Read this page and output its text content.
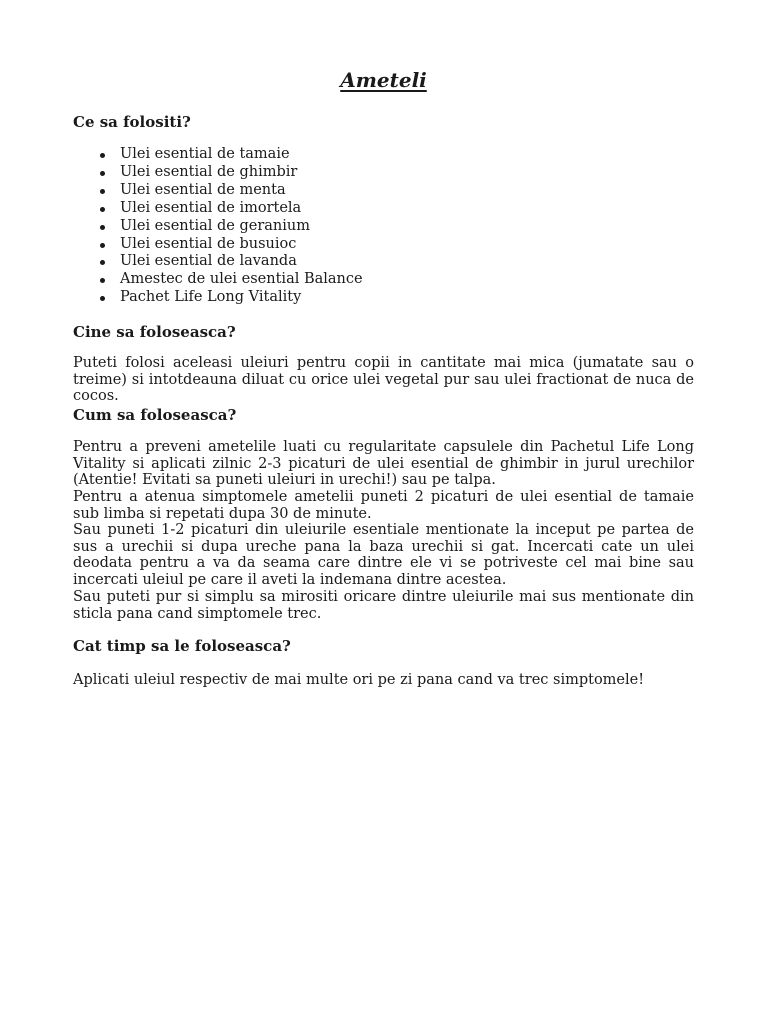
Ameteli
Ce sa folositi?
Ulei esential de tamaie
Ulei esential de ghimbir
Ulei esential de menta
Ulei esential de imortela
Ulei esential de geranium
Ulei esential de busuioc
Ulei esential de lavanda
Amestec de ulei esential Balance
Pachet Life Long Vitality
Cine sa foloseasca?

Puteti folosi aceleasi uleiuri pentru copii in cantitate mai mica (jumatate sau o treime) si intotdeauna diluat cu orice ulei vegetal pur sau ulei fractionat de nuca de cocos.

Cum sa foloseasca?

Pentru a preveni ametelile luati cu regularitate capsulele din Pachetul Life Long Vitality si aplicati zilnic 2-3 picaturi de ulei esential de ghimbir in jurul urechilor (Atentie! Evitati sa puneti uleiuri in urechi!) sau pe talpa.

Pentru a atenua simptomele ametelii puneti 2 picaturi de ulei esential de tamaie sub limba si repetati dupa 30 de minute.

Sau puneti 1-2 picaturi din uleiurile esentiale mentionate la inceput pe partea de sus a urechii si dupa ureche pana la baza urechii si gat. Incercati cate un ulei deodata pentru a va da seama care dintre ele vi se potriveste cel mai bine sau incercati uleiul pe care il aveti la indemana dintre acestea.

Sau puteti pur si simplu sa mirositi oricare dintre uleiurile mai sus mentionate din sticla pana cand simptomele trec.

Cat timp sa le foloseasca?

Aplicati uleiul respectiv de mai multe ori pe zi pana cand va trec simptomele!
